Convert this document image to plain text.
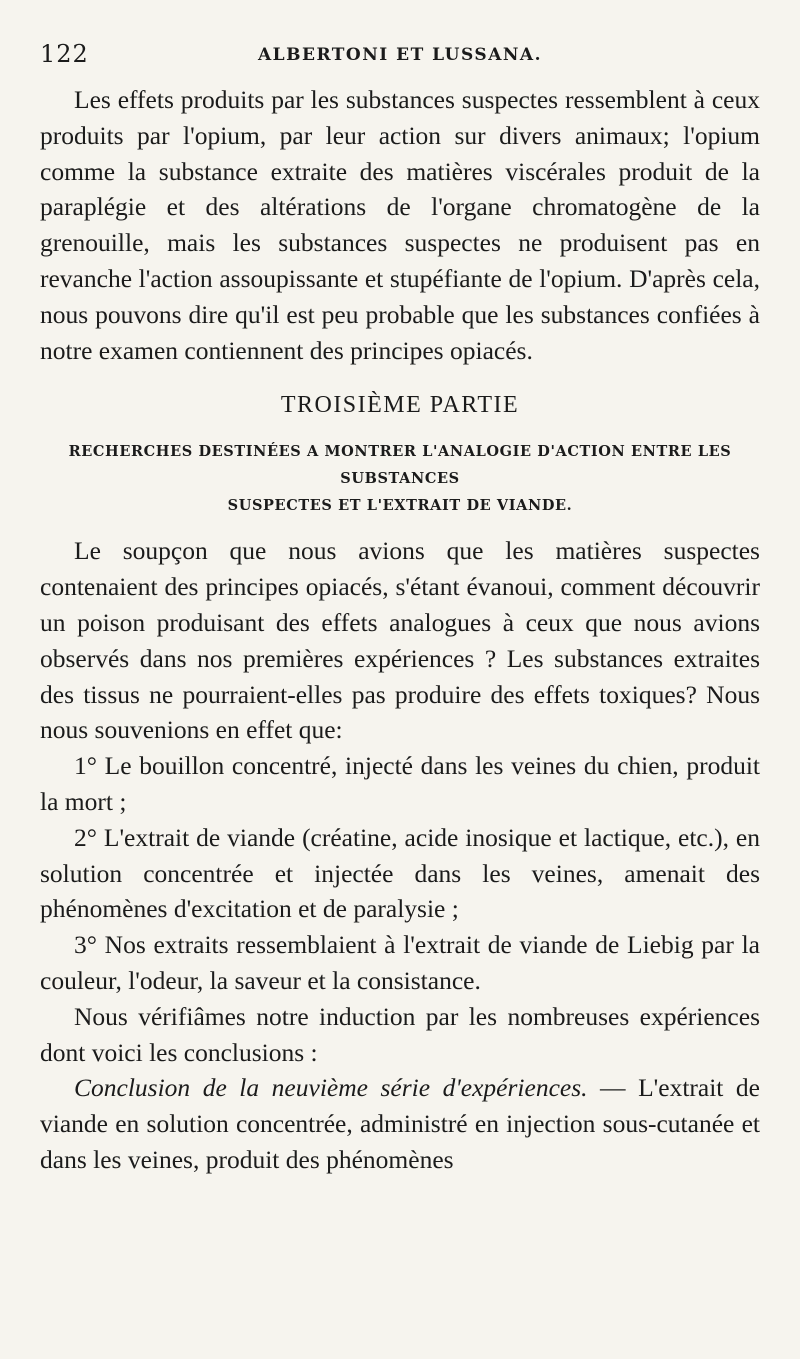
122	ALBERTONI ET LUSSANA.

Les effets produits par les substances suspectes ressemblent à ceux produits par l'opium, par leur action sur divers animaux; l'opium comme la substance extraite des matières viscérales produit de la paraplégie et des altérations de l'organe chromatogène de la grenouille, mais les substances suspectes ne produisent pas en revanche l'action assoupissante et stupéfiante de l'opium. D'après cela, nous pouvons dire qu'il est peu probable que les substances confiées à notre examen contiennent des principes opiacés.

TROISIÈME PARTIE
RECHERCHES DESTINÉES A MONTRER L'ANALOGIE D'ACTION ENTRE LES SUBSTANCES
SUSPECTES ET L'EXTRAIT DE VIANDE.

Le soupçon que nous avions que les matières suspectes contenaient des principes opiacés, s'étant évanoui, comment découvrir un poison produisant des effets analogues à ceux que nous avions observés dans nos premières expériences ? Les substances extraites des tissus ne pourraient-elles pas produire des effets toxiques? Nous nous souvenions en effet que:

1° Le bouillon concentré, injecté dans les veines du chien, produit la mort ;

2° L'extrait de viande (créatine, acide inosique et lactique, etc.), en solution concentrée et injectée dans les veines, amenait des phénomènes d'excitation et de paralysie ;

3° Nos extraits ressemblaient à l'extrait de viande de Liebig par la couleur, l'odeur, la saveur et la consistance.

Nous vérifiâmes notre induction par les nombreuses expériences dont voici les conclusions :

Conclusion de la neuvième série d'expériences. — L'extrait de viande en solution concentrée, administré en injection sous-cutanée et dans les veines, produit des phénomènes
